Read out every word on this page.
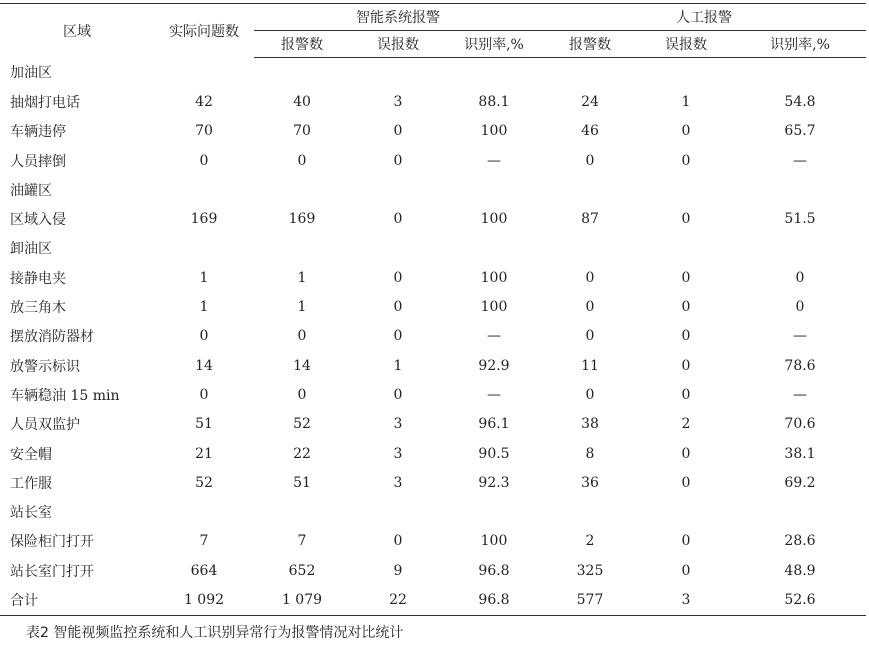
区域	实际问题数	智能系统报警			人工报警		
		报警数	误报数	识别率,%	报警数	误报数	识别率,%
加油区							
抽烟打电话	42	40	3	88.1	24	1	54.8
车辆违停	70	70	0	100	46	0	65.7
人员摔倒	0	0	0	—	0	0	—
油罐区							
区域入侵	169	169	0	100	87	0	51.5
卸油区							
接静电夹	1	1	0	100	0	0	0
放三角木	1	1	0	100	0	0	0
摆放消防器材	0	0	0	—	0	0	—
放警示标识	14	14	1	92.9	11	0	78.6
车辆稳油 15 min	0	0	0	—	0	0	—
人员双监护	51	52	3	96.1	38	2	70.6
安全帽	21	22	3	90.5	8	0	38.1
工作服	52	51	3	92.3	36	0	69.2
站长室							
保险柜门打开	7	7	0	100	2	0	28.6
站长室门打开	664	652	9	96.8	325	0	48.9
合计	1 092	1 079	22	96.8	577	3	52.6
表2 智能视频监控系统和人工识别异常行为报警情况对比统计
